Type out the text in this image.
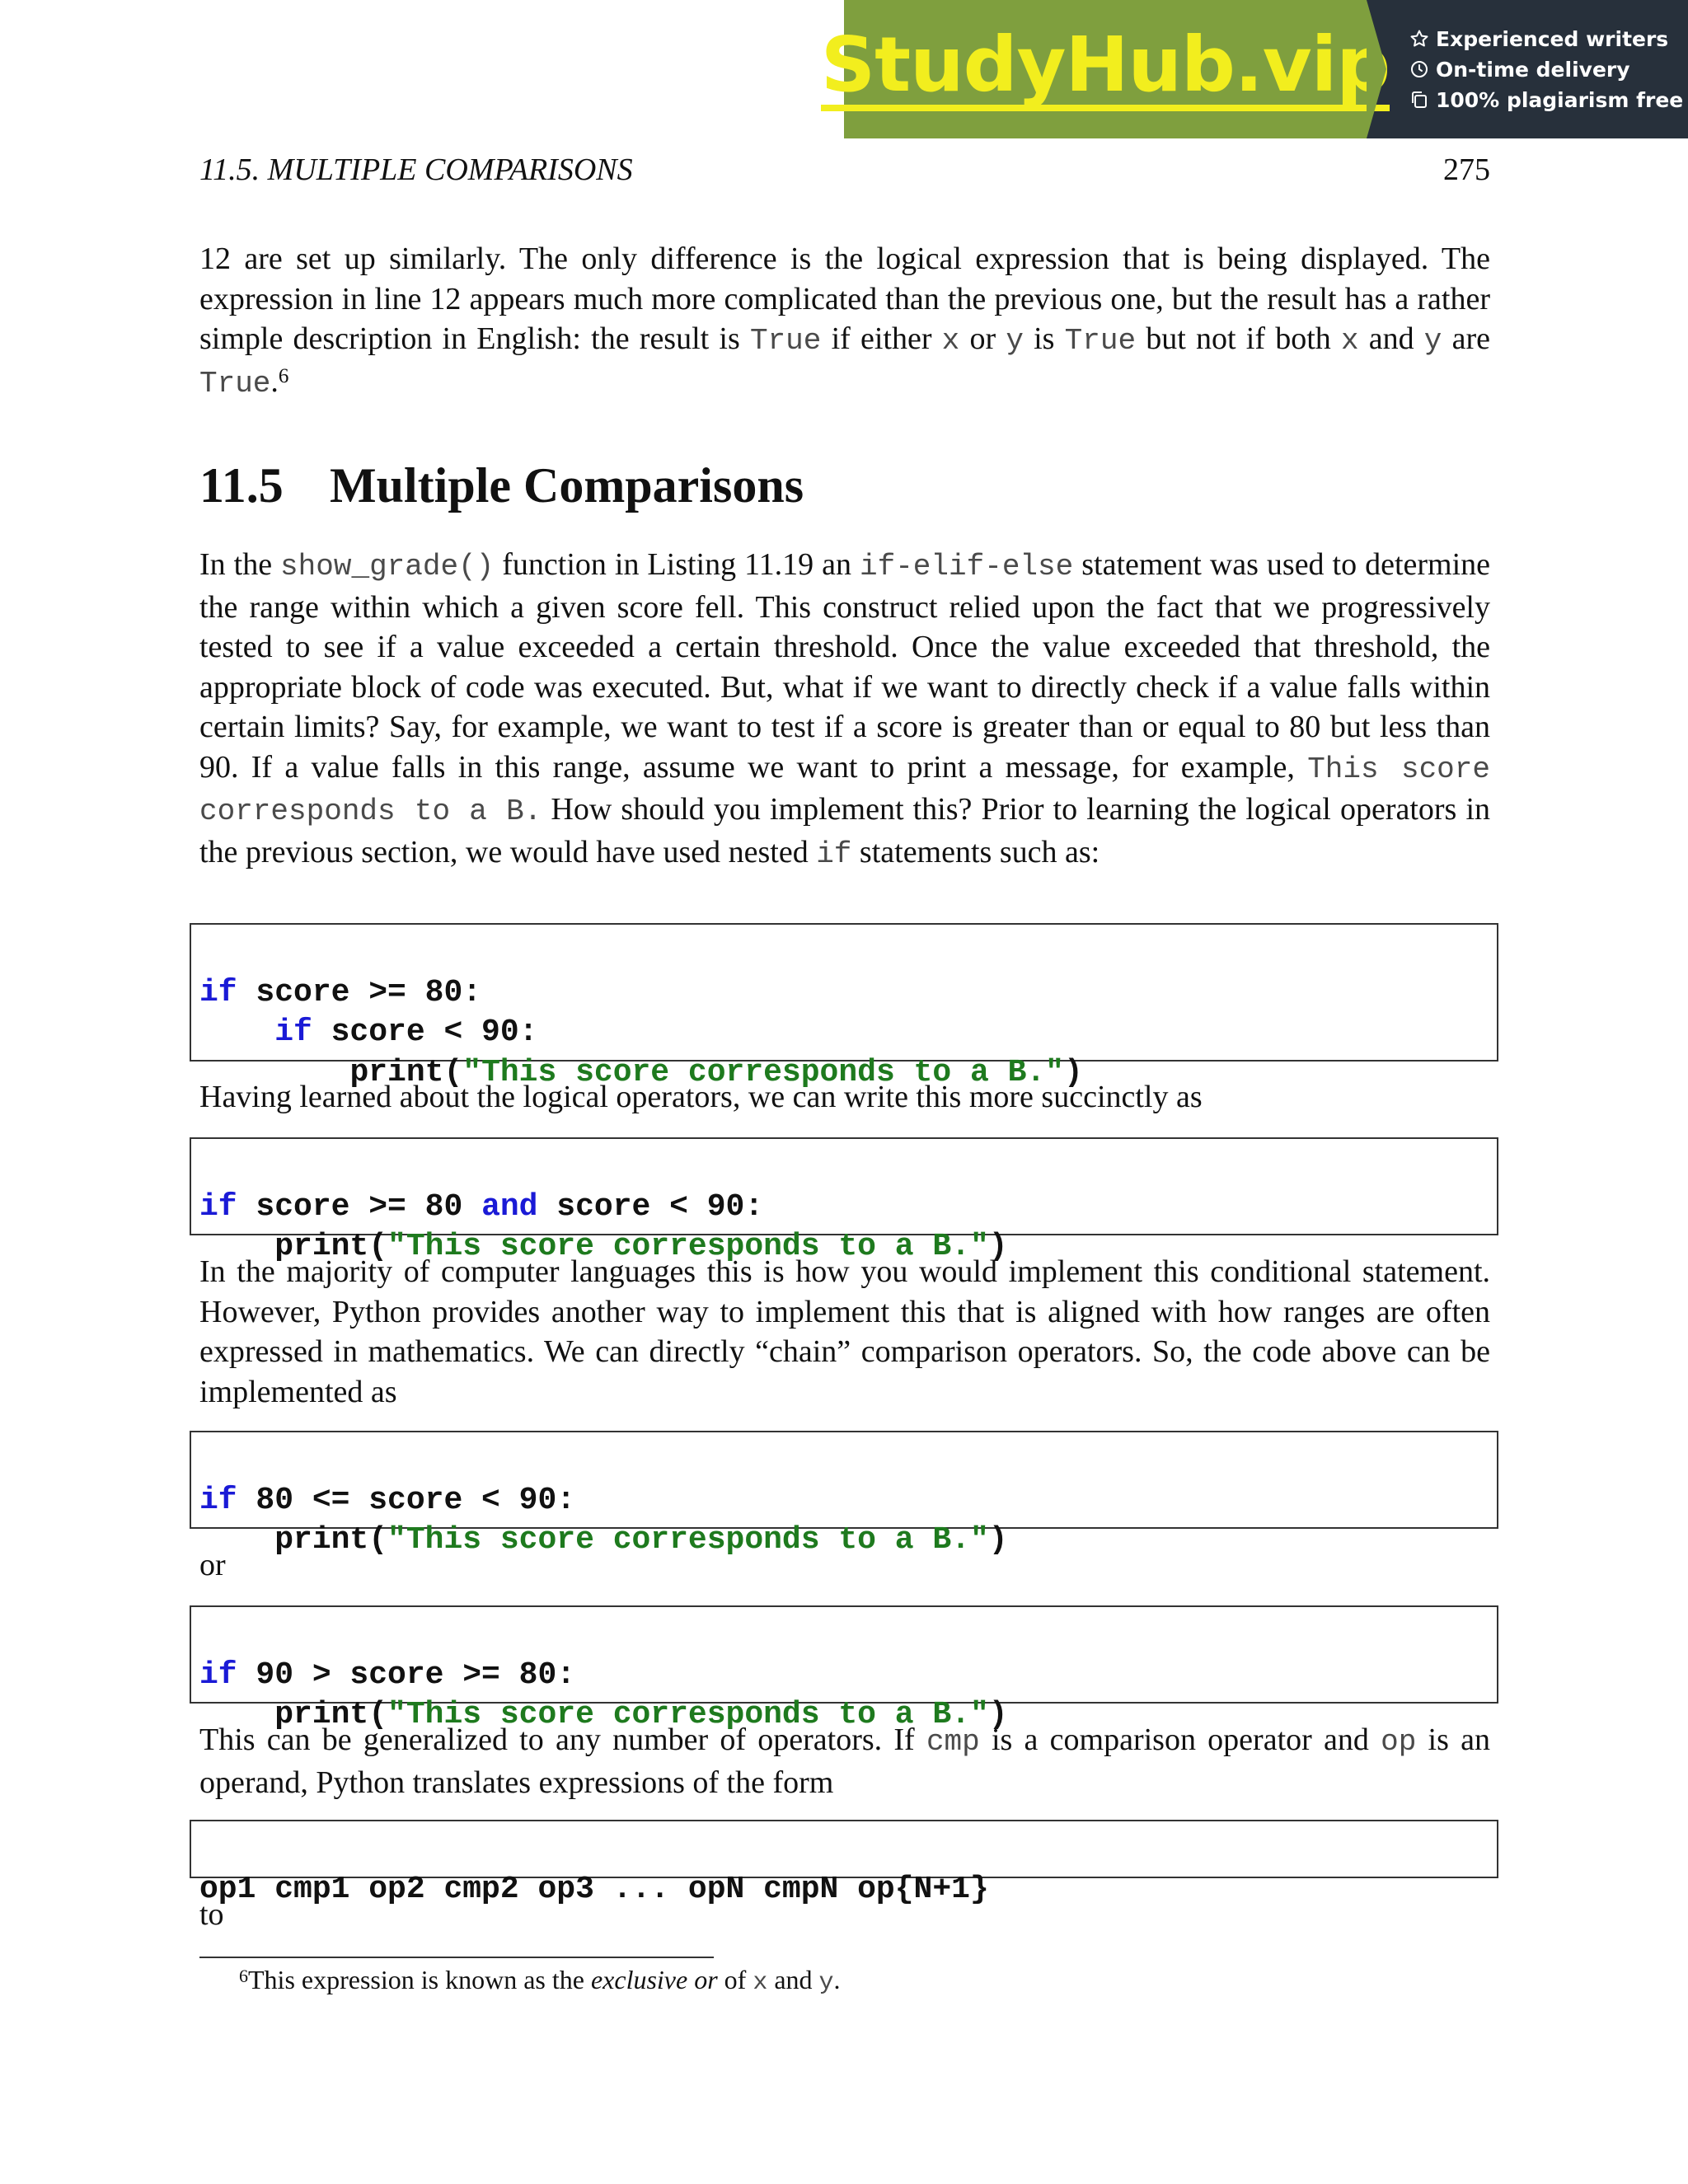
StudyHub.vip Experienced writers
On-time delivery
100% plagiarism free
11.5. MULTIPLE COMPARISONS	275

12 are set up similarly. The only difference is the logical expression that is being displayed. The expression in line 12 appears much more complicated than the previous one, but the result has a rather simple description in English: the result is True if either x or y is True but not if both x and y are True.$^6$

11.5 Multiple Comparisons

In the show_grade() function in Listing 11.19 an if-elif-else statement was used to determine the range within which a given score fell. This construct relied upon the fact that we progressively tested to see if a value exceeded a certain threshold. Once the value exceeded that threshold, the appropriate block of code was executed. But, what if we want to directly check if a value falls within certain limits? Say, for example, we want to test if a score is greater than or equal to 80 but less than 90. If a value falls in this range, assume we want to print a message, for example, This score corresponds to a B. How should you implement this? Prior to learning the logical operators in the previous section, we would have used nested if statements such as:

if score >= 80:
if score < 90:
print("This score corresponds to a B.")

Having learned about the logical operators, we can write this more succinctly as

if score >= 80 and score < 90:
print("This score corresponds to a B.")

In the majority of computer languages this is how you would implement this conditional statement. However, Python provides another way to implement this that is aligned with how ranges are often expressed in mathematics. We can directly “chain” comparison operators. So, the code above can be implemented as

if 80 <= score < 90:
print("This score corresponds to a B.")

or

if 90 > score >= 80:
print("This score corresponds to a B.")

This can be generalized to any number of operators. If cmp is a comparison operator and op is an operand, Python translates expressions of the form

op1 cmp1 op2 cmp2 op3 ... opN cmpN op{N+1}

to

$^6$This expression is known as the exclusive or of x and y.
